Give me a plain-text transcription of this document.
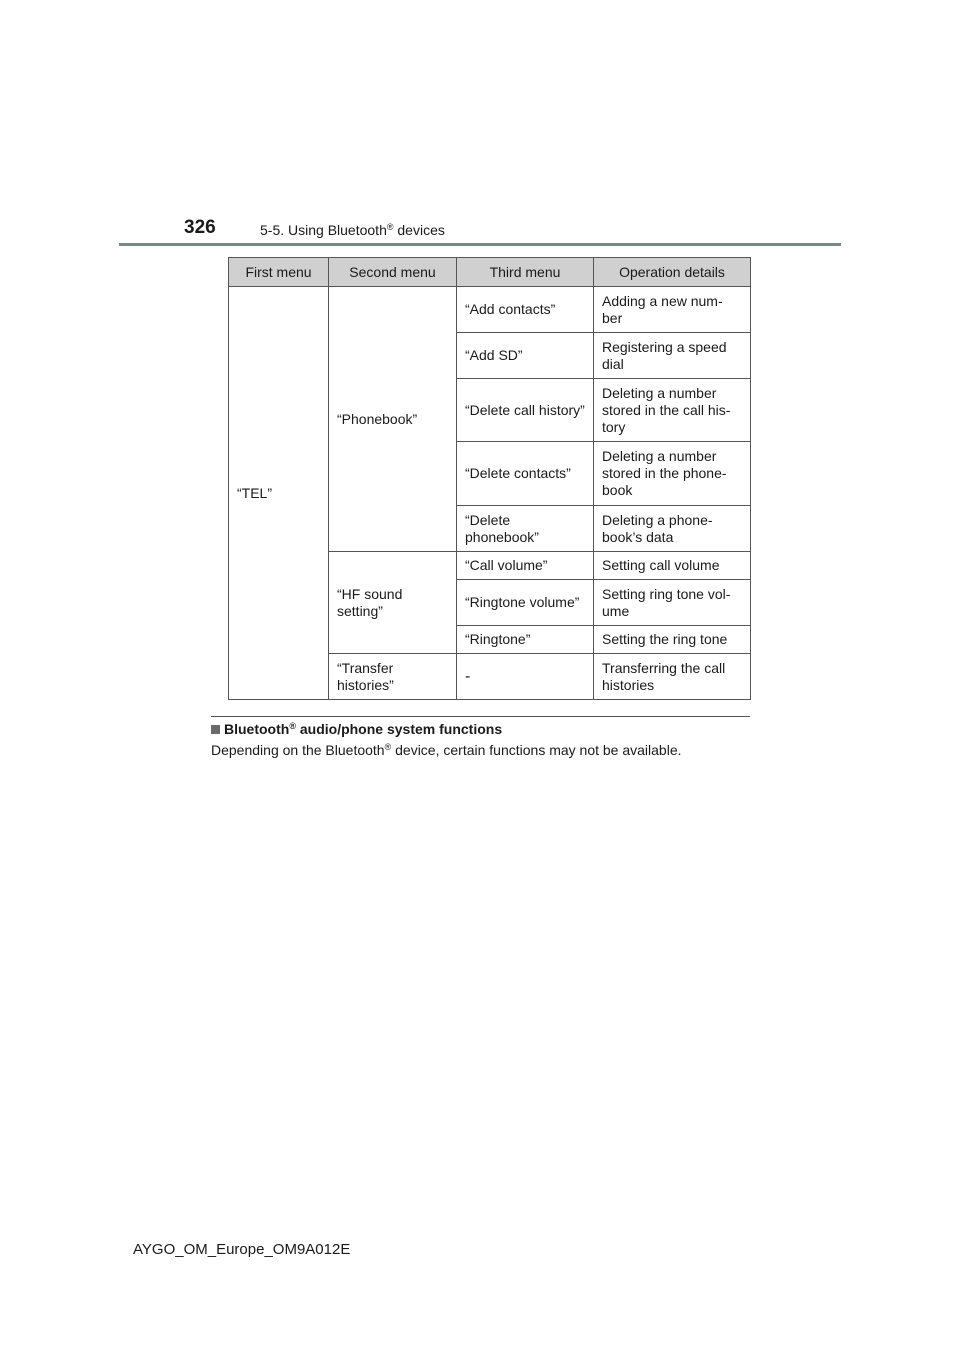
326	5-5. Using Bluetooth® devices
First menu	Second menu	Third menu	Operation details
“TEL”	“Phonebook”	“Add contacts”	Adding a new num-ber
		“Add SD”	Registering a speed dial
		“Delete call history”	Deleting a number stored in the call his-tory
		“Delete contacts”	Deleting a number stored in the phone-book
		“Delete phonebook”	Deleting a phone-book’s data
	“HF sound setting”	“Call volume”	Setting call volume
		“Ringtone volume”	Setting ring tone vol-ume
		“Ringtone”	Setting the ring tone
	“Transfer histories”	-	Transferring the call histories
Bluetooth® audio/phone system functions
Depending on the Bluetooth® device, certain functions may not be available.
AYGO_OM_Europe_OM9A012E
